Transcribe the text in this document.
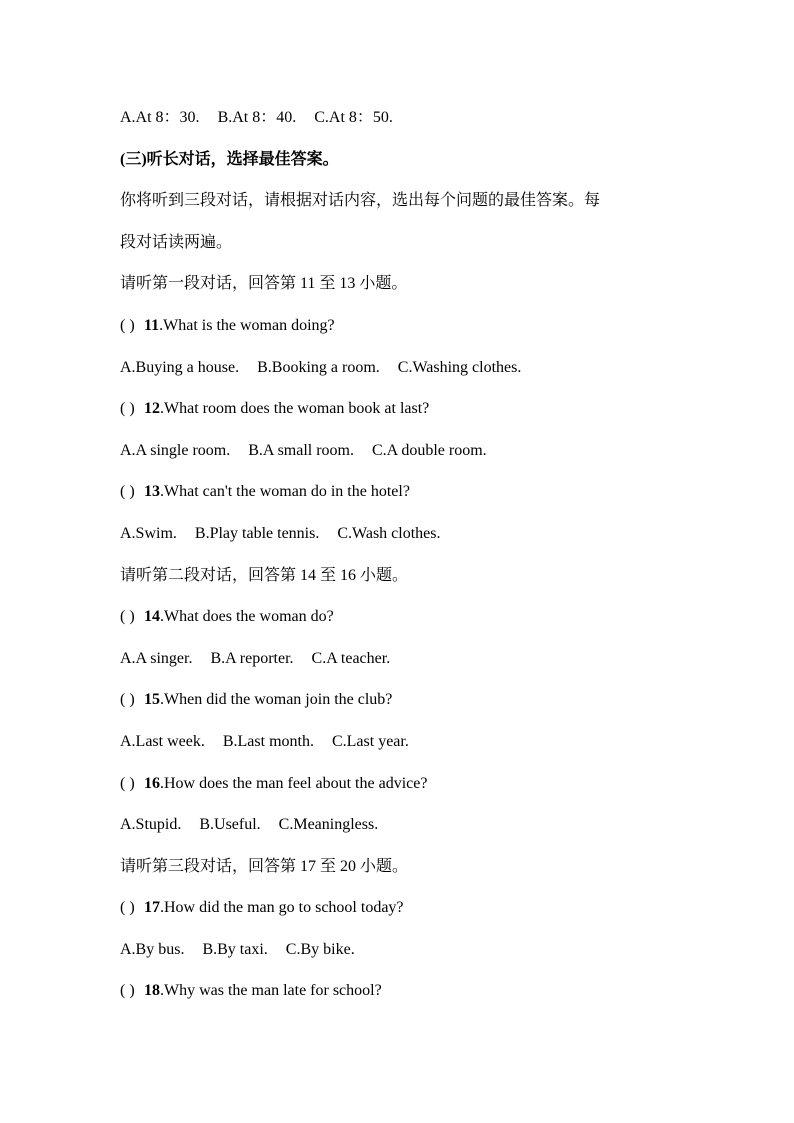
A.At 8：30. B.At 8：40. C.At 8：50.
(三)听长对话，选择最佳答案。
你将听到三段对话，请根据对话内容，选出每个问题的最佳答案。每
段对话读两遍。
请听第一段对话，回答第 11 至 13 小题。
( ) 11.What is the woman doing?
A.Buying a house. B.Booking a room. C.Washing clothes.
( ) 12.What room does the woman book at last?
A.A single room. B.A small room. C.A double room.
( ) 13.What can't the woman do in the hotel?
A.Swim. B.Play table tennis. C.Wash clothes.
请听第二段对话，回答第 14 至 16 小题。
( ) 14.What does the woman do?
A.A singer. B.A reporter. C.A teacher.
( ) 15.When did the woman join the club?
A.Last week. B.Last month. C.Last year.
( ) 16.How does the man feel about the advice?
A.Stupid. B.Useful. C.Meaningless.
请听第三段对话，回答第 17 至 20 小题。
( ) 17.How did the man go to school today?
A.By bus. B.By taxi. C.By bike.
( ) 18.Why was the man late for school?
